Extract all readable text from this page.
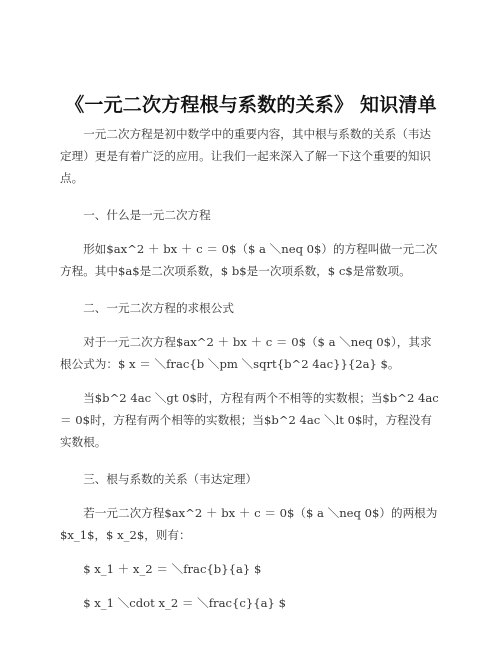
《一元二次方程根与系数的关系》 知识清单

一元二次方程是初中数学中的重要内容，其中根与系数的关系（韦达定理）更是有着广泛的应用。让我们一起来深入了解一下这个重要的知识点。

一、什么是一元二次方程

形如$ax^2 ＋ bx ＋ c ＝ 0$（$ a ＼neq 0$）的方程叫做一元二次方程。其中$a$是二次项系数，$ b$是一次项系数，$ c$是常数项。

二、一元二次方程的求根公式

对于一元二次方程$ax^2 ＋ bx ＋ c ＝ 0$（$ a ＼neq 0$），其求根公式为：$ x ＝ ＼frac{b ＼pm ＼sqrt{b^2 4ac}}{2a} $。

当$b^2 4ac ＼gt 0$时，方程有两个不相等的实数根；当$b^2 4ac ＝ 0$时，方程有两个相等的实数根；当$b^2 4ac ＼lt 0$时，方程没有实数根。

三、根与系数的关系（韦达定理）

若一元二次方程$ax^2 ＋ bx ＋ c ＝ 0$（$ a ＼neq 0$）的两根为$x_1$，$ x_2$，则有：

$ x_1 ＋ x_2 ＝ ＼frac{b}{a} $

$ x_1 ＼cdot x_2 ＝ ＼frac{c}{a} $
